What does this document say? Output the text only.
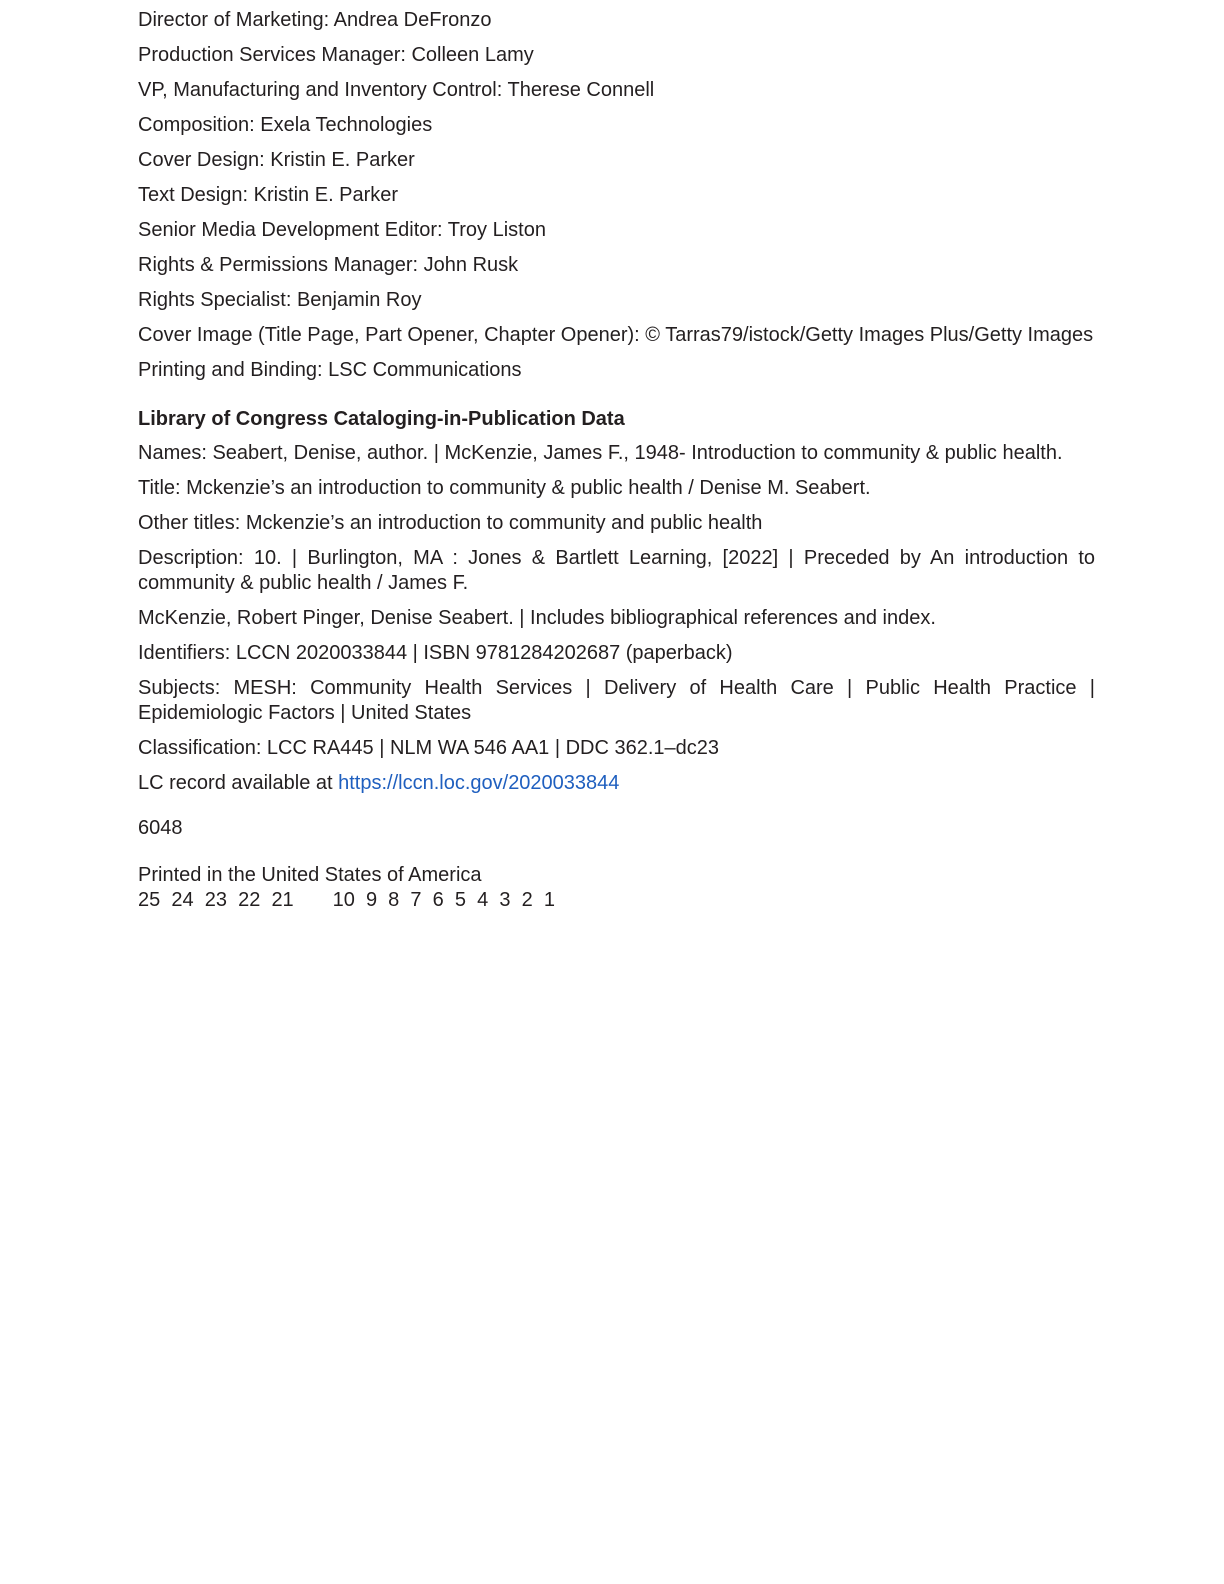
Director of Marketing: Andrea DeFronzo

Production Services Manager: Colleen Lamy

VP, Manufacturing and Inventory Control: Therese Connell

Composition: Exela Technologies

Cover Design: Kristin E. Parker

Text Design: Kristin E. Parker

Senior Media Development Editor: Troy Liston

Rights & Permissions Manager: John Rusk

Rights Specialist: Benjamin Roy

Cover Image (Title Page, Part Opener, Chapter Opener): © Tarras79/istock/Getty Images Plus/Getty Images

Printing and Binding: LSC Communications

Library of Congress Cataloging-in-Publication Data

Names: Seabert, Denise, author. | McKenzie, James F., 1948- Introduction to community & public health.

Title: Mckenzie’s an introduction to community & public health / Denise M. Seabert.

Other titles: Mckenzie’s an introduction to community and public health

Description: 10. | Burlington, MA : Jones & Bartlett Learning, [2022] | Preceded by An introduction to community & public health / James F.

McKenzie, Robert Pinger, Denise Seabert. | Includes bibliographical references and index.

Identifiers: LCCN 2020033844 | ISBN 9781284202687 (paperback)

Subjects: MESH: Community Health Services | Delivery of Health Care | Public Health Practice | Epidemiologic Factors | United States

Classification: LCC RA445 | NLM WA 546 AA1 | DDC 362.1–dc23

LC record available at https://lccn.loc.gov/2020033844

6048

Printed in the United States of America

25  24  23  22  21       10  9  8  7  6  5  4  3  2  1
